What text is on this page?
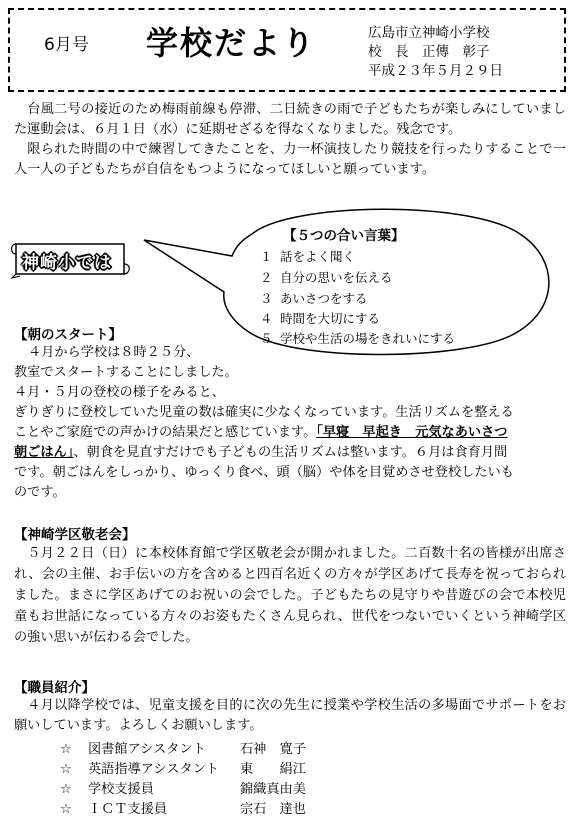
6月号 学校だより	広島市立神崎小学校
校　長　正傳　彰子
平成２３年５月２９日

台風二号の接近のため梅雨前線も停滞、二日続きの雨で子どもたちが楽しみにしていました運動会は、６月１日（水）に延期せざるを得なくなりました。残念です。

限られた時間の中で練習してきたことを、力一杯演技したり競技を行ったりすることで一人一人の子どもたちが自信をもつようになってほしいと願っています。

【５つの合い言葉】
１ 話をよく聞く
２ 自分の思いを伝える
３ あいさつをする
４ 時間を大切にする
５ 学校や生活の場をきれいにする
神崎小では
【朝のスタート】
４月から学校は８時２５分、
教室でスタートすることにしました。
４月・５月の登校の様子をみると、
ぎりぎりに登校していた児童の数は確実に少なくなっています。生活リズムを整える
ことやご家庭での声かけの結果だと感じています。「早寝　早起き　元気なあいさつ
朝ごはん」、朝食を見直すだけでも子どもの生活リズムは整います。６月は食育月間
です。朝ごはんをしっかり、ゆっくり食べ、頭（脳）や体を目覚めさせ登校したいも
のです。
【神崎学区敬老会】

５月２２日（日）に本校体育館で学区敬老会が開かれました。二百数十名の皆様が出席され、会の主催、お手伝いの方を含めると四百名近くの方々が学区あげて長寿を祝っておられました。まさに学区あげてのお祝いの会でした。子どもたちの見守りや昔遊びの会で本校児童もお世話になっている方々のお姿もたくさん見られ、世代をつないでいくという神崎学区の強い思いが伝わる会でした。

【職員紹介】

４月以降学校では、児童支援を目的に次の先生に授業や学校生活の多場面でサポートをお願いしています。よろしくお願いします。

☆ 図書館アシスタント	石神　寛子
☆ 英語指導アシスタント 東　　絹江
☆ 学校支援員	錦織真由美
☆ ＩＣＴ支援員	宗石　達也
